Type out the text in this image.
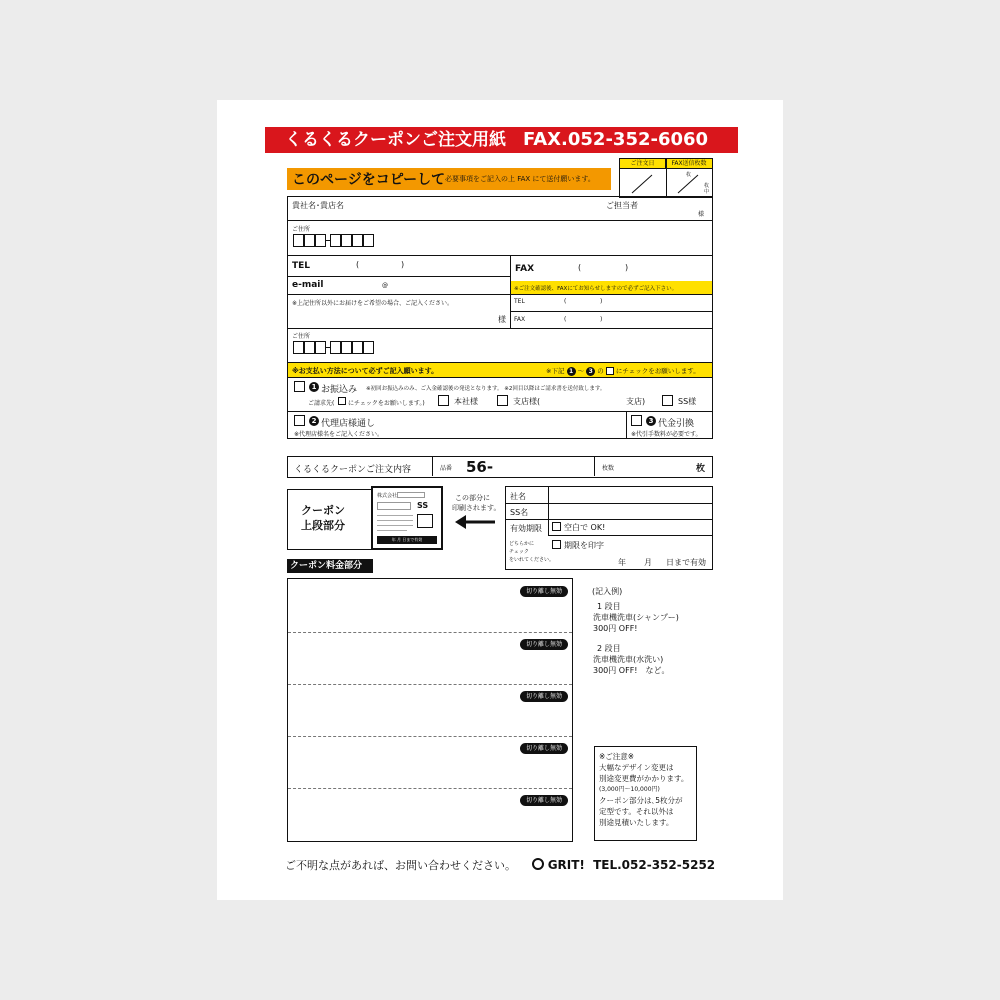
くるくるクーポンご注文用紙 FAX.052-352-6060
このページをコピーして 必要事項をご記入の上 FAX にて送付願います。
ご注文日	FAX送信枚数
枚
枚中
貴社名･貴店名	ご担当者
様
ご住所
TEL	(	)	FAX	(	)
e-mail	@	※ご注文確認後、FAXにてお知らせしますので必ずご記入下さい。
※上記住所以外にお届けをご希望の場合、ご記入ください。
様
TEL	(	)
FAX	(	)
ご住所
※お支払い方法について必ずご記入願います。	※下記 1 〜 3 の にチェックをお願いします。
1 お振込み ※初回お振込みのみ、ご入金確認後の発送となります。 ※2回目以降はご請求書を送付致します。
ご請求先( にチェックをお願いします。)	本社様	支店様(	支店)	SS様
2 代理店様通し
※代理店様名をご記入ください。
3 代金引換
※代引手数料が必要です。
くるくるクーポンご注文内容	品番 56-	枚数	枚
クーポン
上段部分
株式会社
SS
年 月 日まで有効
この部分に
印刷されます。
社名
SS名
有効期限	空白で OK!
どちらかに
チェック
をいれてください。
期限を印字
年 月 日まで有効
クーポン料金部分
切り離し無効
切り離し無効
切り離し無効
切り離し無効
切り離し無効
(記入例)
1 段目
洗車機洗車(シャンプー)
300円 OFF!
2 段目
洗車機洗車(水洗い)
300円 OFF!　など。
※ご注意※
大幅なデザイン変更は
別途変更費がかかります。
(3,000円〜10,000円)
クーポン部分は､5枚分が
定型です。それ以外は
別途見積いたします。
ご不明な点があれば、お問い合わせください。	GRIT! TEL.052-352-5252
